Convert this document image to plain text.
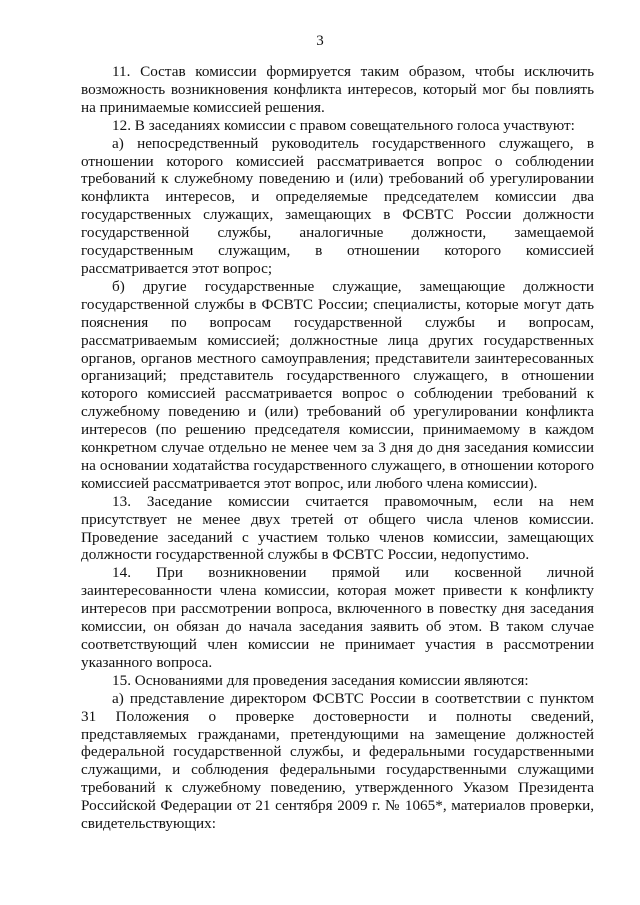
3

11. Состав комиссии формируется таким образом, чтобы исключить возможность возникновения конфликта интересов, который мог бы повлиять на принимаемые комиссией решения.

12. В заседаниях комиссии с правом совещательного голоса участвуют:

а) непосредственный руководитель государственного служащего, в отношении которого комиссией рассматривается вопрос о соблюдении требований к служебному поведению и (или) требований об урегулировании конфликта интересов, и определяемые председателем комиссии два государственных служащих, замещающих в ФСВТС России должности государственной службы, аналогичные должности, замещаемой государственным служащим, в отношении которого комиссией рассматривается этот вопрос;

б) другие государственные служащие, замещающие должности государственной службы в ФСВТС России; специалисты, которые могут дать пояснения по вопросам государственной службы и вопросам, рассматриваемым комиссией; должностные лица других государственных органов, органов местного самоуправления; представители заинтересованных организаций; представитель государственного служащего, в отношении которого комиссией рассматривается вопрос о соблюдении требований к служебному поведению и (или) требований об урегулировании конфликта интересов (по решению председателя комиссии, принимаемому в каждом конкретном случае отдельно не менее чем за 3 дня до дня заседания комиссии на основании ходатайства государственного служащего, в отношении которого комиссией рассматривается этот вопрос, или любого члена комиссии).

13. Заседание комиссии считается правомочным, если на нем присутствует не менее двух третей от общего числа членов комиссии. Проведение заседаний с участием только членов комиссии, замещающих должности государственной службы в ФСВТС России, недопустимо.

14. При возникновении прямой или косвенной личной заинтересованности члена комиссии, которая может привести к конфликту интересов при рассмотрении вопроса, включенного в повестку дня заседания комиссии, он обязан до начала заседания заявить об этом. В таком случае соответствующий член комиссии не принимает участия в рассмотрении указанного вопроса.

15. Основаниями для проведения заседания комиссии являются:

а) представление директором ФСВТС России в соответствии с пунктом 31 Положения о проверке достоверности и полноты сведений, представляемых гражданами, претендующими на замещение должностей федеральной государственной службы, и федеральными государственными служащими, и соблюдения федеральными государственными служащими требований к служебному поведению, утвержденного Указом Президента Российской Федерации от 21 сентября 2009 г. № 1065*, материалов проверки, свидетельствующих:
